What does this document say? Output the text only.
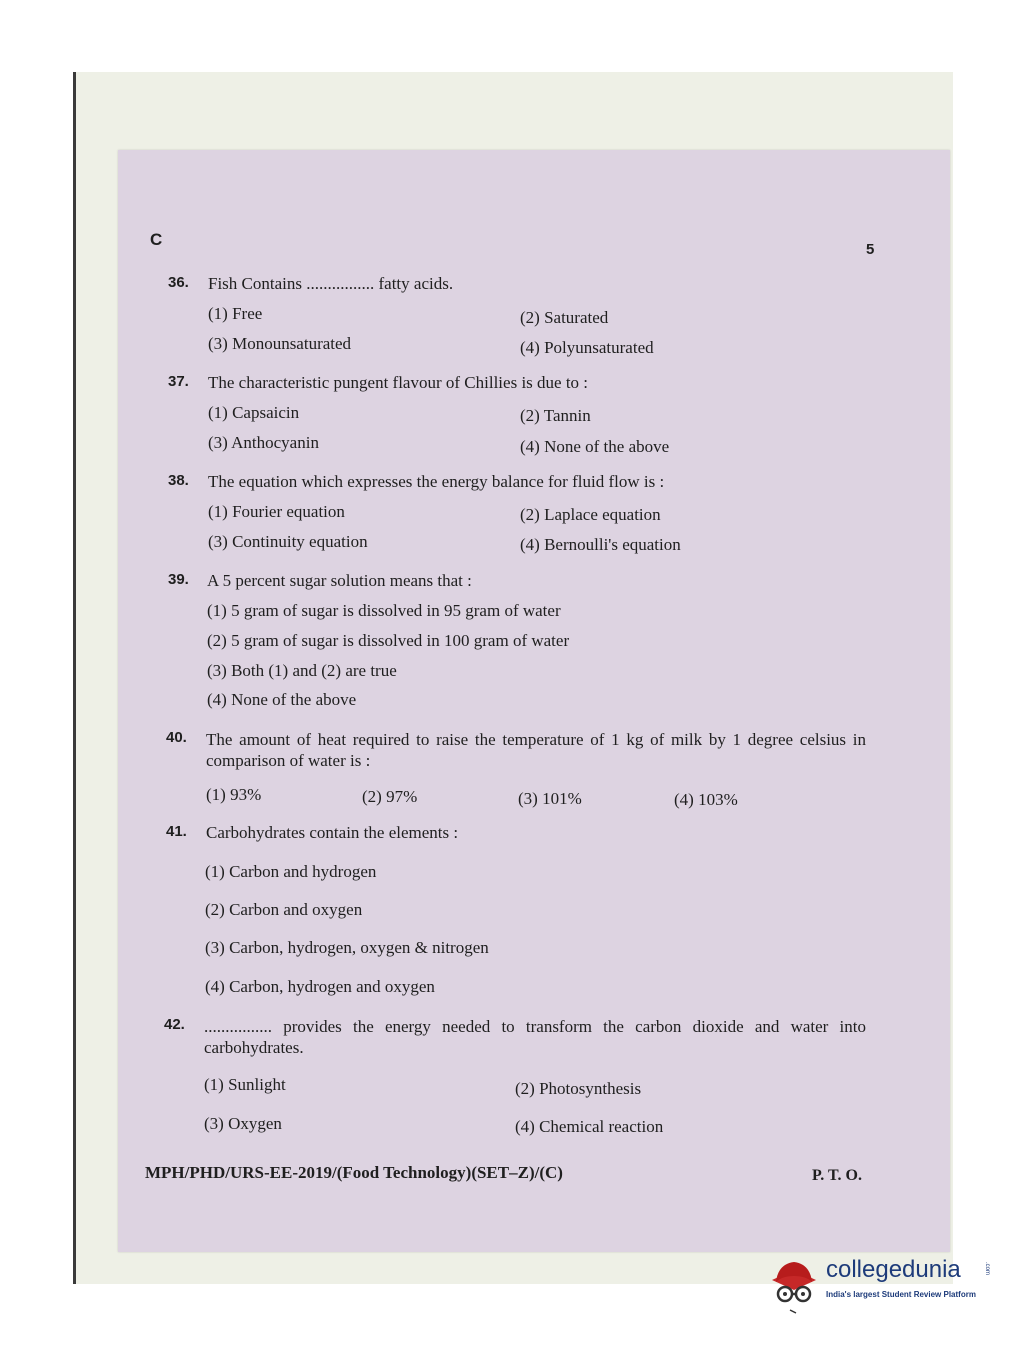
C
5
36. Fish Contains ................ fatty acids.
(1) Free	(2) Saturated
(3) Monounsaturated	(4) Polyunsaturated
37. The characteristic pungent flavour of Chillies is due to :
(1) Capsaicin	(2) Tannin
(3) Anthocyanin	(4) None of the above
38. The equation which expresses the energy balance for fluid flow is :
(1) Fourier equation	(2) Laplace equation
(3) Continuity equation	(4) Bernoulli's equation
39. A 5 percent sugar solution means that :
(1) 5 gram of sugar is dissolved in 95 gram of water
(2) 5 gram of sugar is dissolved in 100 gram of water
(3) Both (1) and (2) are true
(4) None of the above
40. The amount of heat required to raise the temperature of 1 kg of milk by 1 degree celsius in comparison of water is :
(1) 93%	(2) 97%	(3) 101%	(4) 103%
41. Carbohydrates contain the elements :
(1) Carbon and hydrogen
(2) Carbon and oxygen
(3) Carbon, hydrogen, oxygen & nitrogen
(4) Carbon, hydrogen and oxygen
42. ................ provides the energy needed to transform the carbon dioxide and water into carbohydrates.
(1) Sunlight	(2) Photosynthesis
(3) Oxygen	(4) Chemical reaction
MPH/PHD/URS-EE-2019/(Food Technology)(SET–Z)/(C)	P. T. O.
collegedunia	.com
India's largest Student Review Platform
